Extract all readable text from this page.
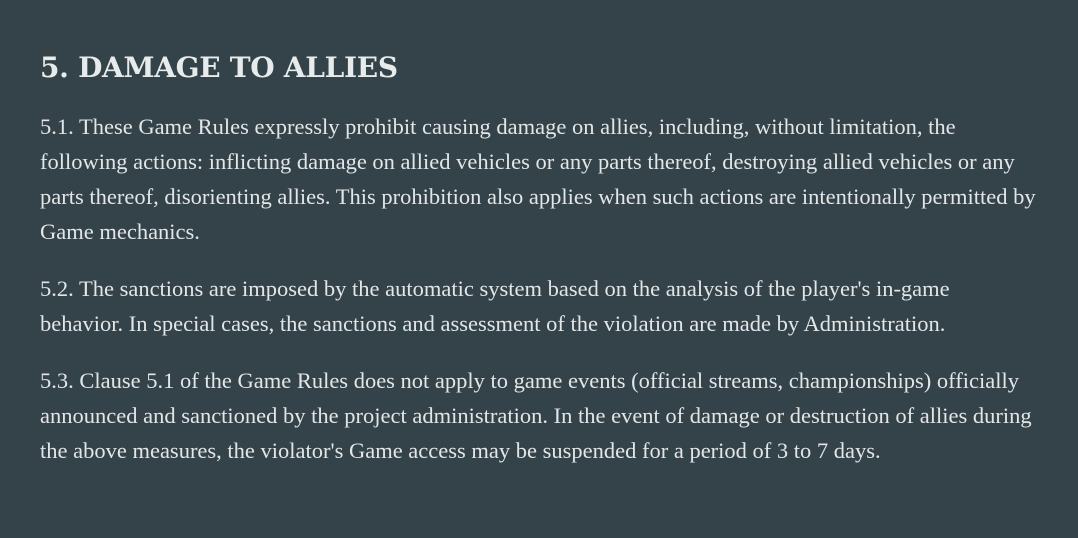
5. DAMAGE TO ALLIES

5.1. These Game Rules expressly prohibit causing damage on allies, including, without limitation, the following actions: inflicting damage on allied vehicles or any parts thereof, destroying allied vehicles or any parts thereof, disorienting allies. This prohibition also applies when such actions are intentionally permitted by Game mechanics.

5.2. The sanctions are imposed by the automatic system based on the analysis of the player's in-game behavior. In special cases, the sanctions and assessment of the violation are made by Administration.

5.3. Clause 5.1 of the Game Rules does not apply to game events (official streams, championships) officially announced and sanctioned by the project administration. In the event of damage or destruction of allies during the above measures, the violator's Game access may be suspended for a period of 3 to 7 days.
